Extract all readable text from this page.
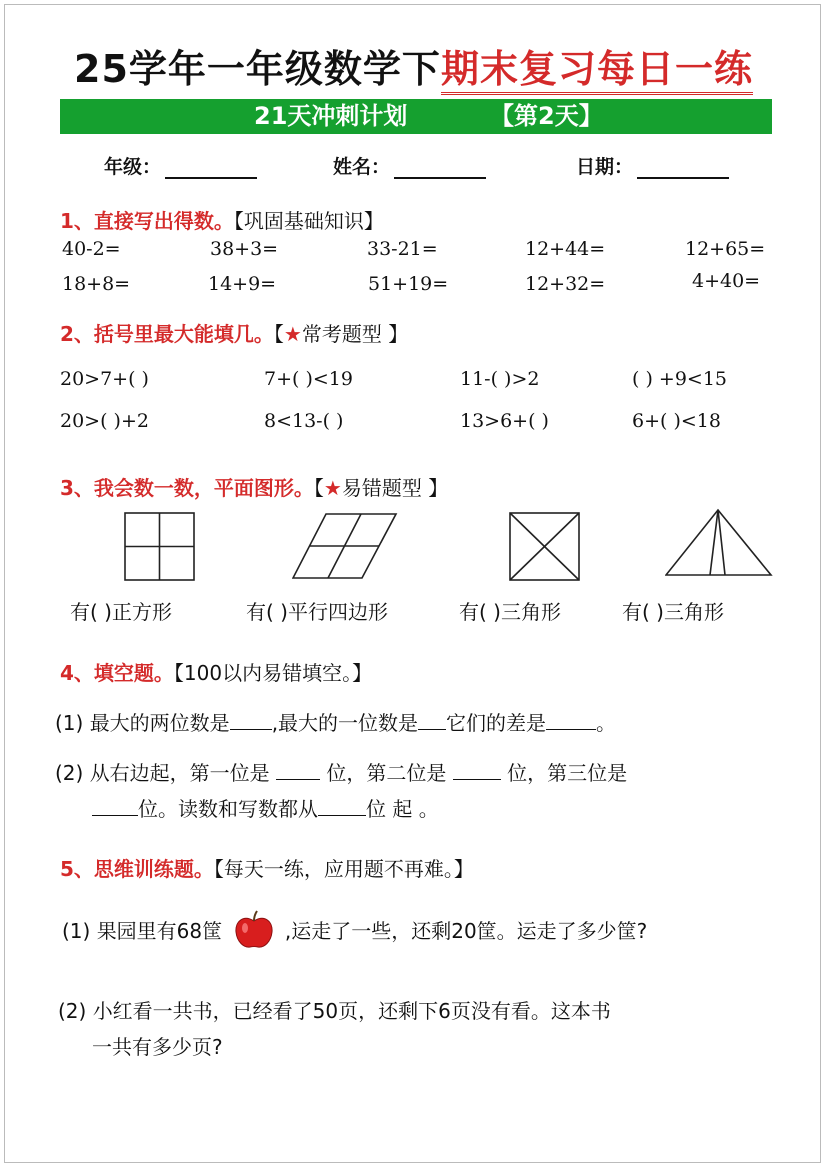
25学年一年级数学下期末复习每日一练
21天冲刺计划	【第2天】
年级：	姓名：	日期：
1、直接写出得数。【巩固基础知识】
40-2=	38+3=	33-21=	12+44=	12+65=
18+8=	14+9=	51+19=	12+32=	4+40=
2、括号里最大能填几。【★常考题型 】
20>7+( )	7+( )<19	11-( )>2	( ) +9<15
20>( )+2	8<13-( )	13>6+( )	6+( )<18
3、我会数一数，平面图形。【★易错题型 】
有( )正方形	有( )平行四边形	有( )三角形	有( )三角形
4、填空题。【100以内易错填空。】
(1) 最大的两位数是 ,最大的一位数是 它们的差是	。
(2) 从右边起，第一位是	位，第二位是	位，第三位是
位。读数和写数都从 位 起 。
5、思维训练题。【每天一练，应用题不再难。】
(1) 果园里有68筐	,运走了一些，还剩20筐。运走了多少筐?
(2) 小红看一共书，已经看了50页，还剩下6页没有看。这本书
一共有多少页?
